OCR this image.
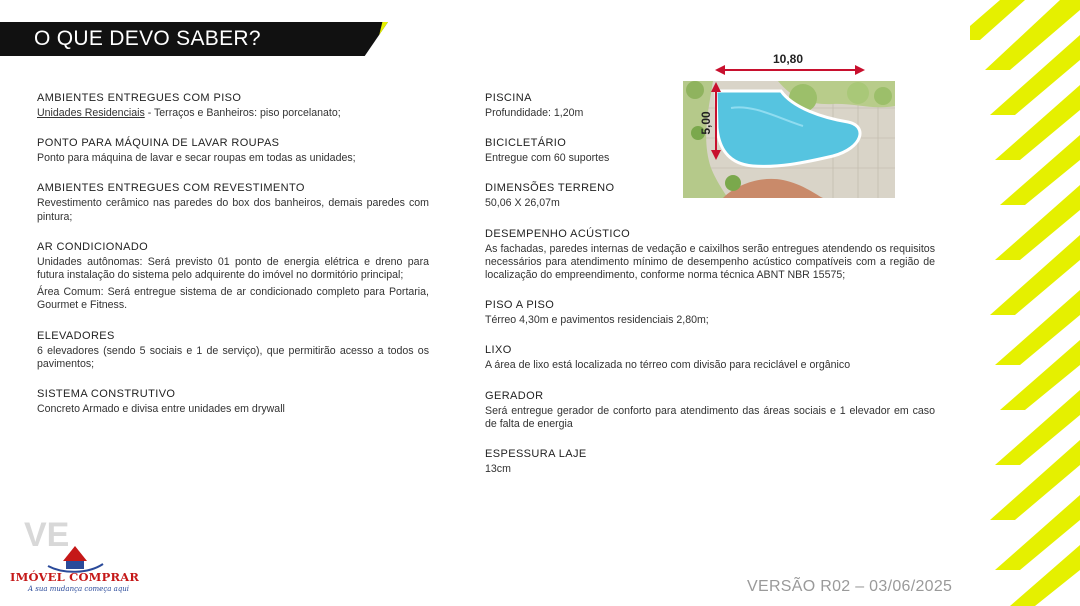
O QUE DEVO SABER?
AMBIENTES ENTREGUES COM PISO

Unidades Residenciais - Terraços e Banheiros: piso porcelanato;

PONTO PARA MÁQUINA DE LAVAR ROUPAS

Ponto para máquina de lavar e secar roupas em todas as unidades;

AMBIENTES ENTREGUES COM REVESTIMENTO

Revestimento cerâmico nas paredes do box dos banheiros, demais paredes com pintura;

AR CONDICIONADO

Unidades autônomas: Será previsto 01 ponto de energia elétrica e dreno para futura instalação do sistema pelo adquirente do imóvel no dormitório principal;

Área Comum: Será entregue sistema de ar condicionado completo para Portaria, Gourmet e Fitness.

ELEVADORES

6 elevadores (sendo 5 sociais e 1 de serviço), que permitirão acesso a todos os pavimentos;

SISTEMA CONSTRUTIVO

Concreto Armado e divisa entre unidades em drywall

PISCINA

Profundidade: 1,20m

BICICLETÁRIO

Entregue com 60 suportes

DIMENSÕES TERRENO

50,06 X 26,07m

DESEMPENHO ACÚSTICO

As fachadas, paredes internas de vedação e caixilhos serão entregues atendendo os requisitos necessários para atendimento mínimo de desempenho acústico compatíveis com a região de localização do empreendimento, conforme norma técnica ABNT NBR 15575;

PISO A PISO

Térreo 4,30m e pavimentos residenciais 2,80m;

LIXO

A área de lixo está localizada no térreo com divisão para reciclável e orgânico

GERADOR

Será entregue gerador de conforto para atendimento das áreas sociais e 1 elevador em caso de falta de energia

ESPESSURA LAJE

13cm

10,80
5,00
VERSÃO R02 – 03/06/2025
VE
IMÓVEL COMPRAR
A sua mudança começa aqui
